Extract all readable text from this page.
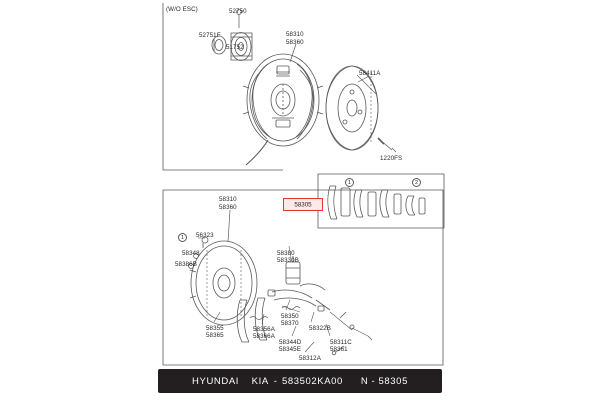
(W/O ESC)
58305
1	2
1
52750
52751F
51752
58310
58360
58411A
1220FS
58310
58360
56323
58348
58386B
58380
58330B
58350
58370
58322B
58355
58365
58356A
58366A
58344D
58345E
58312A
58311C
58361
HYUNDAI
KIA - 583502KA00
N - 58305
